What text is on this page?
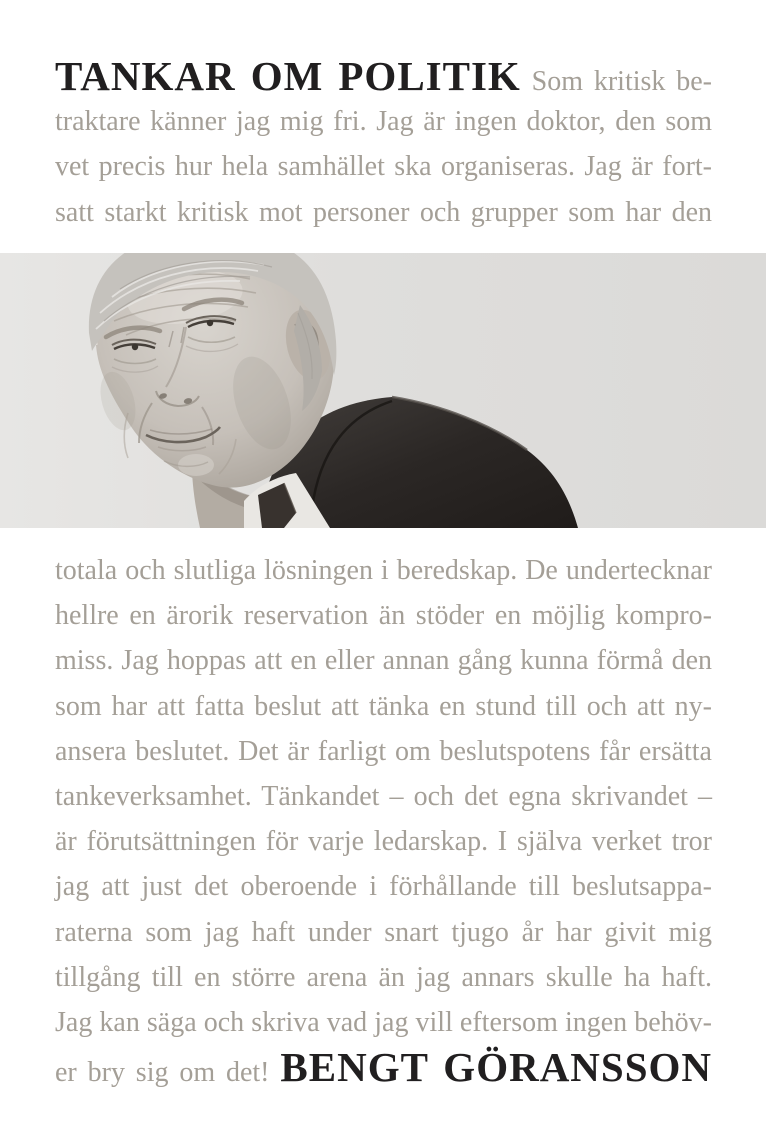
TANKAR OM POLITIK Som kritisk be-
traktare känner jag mig fri. Jag är ingen doktor, den som
vet precis hur hela samhället ska organiseras. Jag är fort-
satt starkt kritisk mot personer och grupper som har den
totala och slutliga lösningen i beredskap. De undertecknar
hellre en ärorik reservation än stöder en möjlig kompro-
miss. Jag hoppas att en eller annan gång kunna förmå den
som har att fatta beslut att tänka en stund till och att ny-
ansera beslutet. Det är farligt om beslutspotens får ersätta
tankeverksamhet. Tänkandet – och det egna skrivandet –
är förutsättningen för varje ledarskap. I själva verket tror
jag att just det oberoende i förhållande till beslutsappa-
raterna som jag haft under snart tjugo år har givit mig
tillgång till en större arena än jag annars skulle ha haft.
Jag kan säga och skriva vad jag vill eftersom ingen behöv-
er bry sig om det! BENGT GÖRANSSON
